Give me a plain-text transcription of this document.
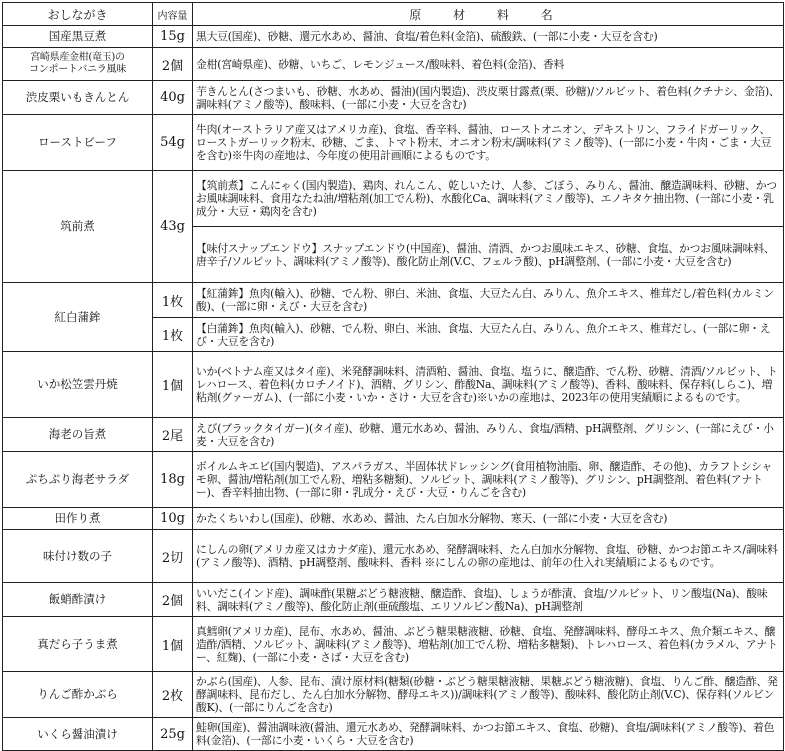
おしながき	内容量	原 材 料 名
国産黒豆煮	15g	黒大豆(国産)、砂糖、還元水あめ、醤油、食塩/着色料(金箔)、硫酸鉄、(一部に小麦・大豆を含む)

宮崎県産金柑(竜玉)の
コンポートバニラ風味	2個	金柑(宮崎県産)、砂糖、いちご、レモンジュース/酸味料、着色料(金箔)、香料
渋皮栗いもきんとん	40g	芋きんとん(さつまいも、砂糖、水あめ、醤油)(国内製造)、渋皮栗甘露煮(栗、砂糖)/ソルビット、着色料(クチナシ、金箔)、調味料(アミノ酸等)、酸味料、(一部に小麦・大豆を含む)
ローストビーフ	54g	牛肉(オーストラリア産又はアメリカ産)、食塩、香辛料、醤油、ローストオニオン、デキストリン、フライドガーリック、ローストガーリック粉末、砂糖、ごま、トマト粉末、オニオン粉末/調味料(アミノ酸等)、(一部に小麦・牛肉・ごま・大豆を含む)※牛肉の産地は、今年度の使用計画順によるものです。
筑前煮	43g	【筑前煮】こんにゃく(国内製造)、鶏肉、れんこん、乾しいたけ、人参、ごぼう、みりん、醤油、醸造調味料、砂糖、かつお風味調味料、食用なたね油/増粘剤(加工でん粉)、水酸化Ca、調味料(アミノ酸等)、エノキタケ抽出物、(一部に小麦・乳成分・大豆・鶏肉を含む)
		【味付スナップエンドウ】スナップエンドウ(中国産)、醤油、清酒、かつお風味エキス、砂糖、食塩、かつお風味調味料、唐辛子/ソルビット、調味料(アミノ酸等)、酸化防止剤(V.C、フェルラ酸)、pH調整剤、(一部に小麦・大豆を含む)
紅白蒲鉾	1枚	【紅蒲鉾】魚肉(輸入)、砂糖、でん粉、卵白、米油、食塩、大豆たん白、みりん、魚介エキス、椎茸だし/着色料(カルミン酸)、(一部に卵・えび・大豆を含む)
	1枚	【白蒲鉾】魚肉(輸入)、砂糖、でん粉、卵白、米油、食塩、大豆たん白、みりん、魚介エキス、椎茸だし、(一部に卵・えび・大豆を含む)
いか松笠雲丹焼	1個	いか(ベトナム産又はタイ産)、米発酵調味料、清酒粕、醤油、食塩、塩うに、醸造酢、でん粉、砂糖、清酒/ソルビット、トレハロース、着色料(カロチノイド)、酒精、グリシン、酢酸Na、調味料(アミノ酸等)、香料、酸味料、保存料(しらこ)、増粘剤(グァーガム)、(一部に小麦・いか・さけ・大豆を含む)※いかの産地は、2023年の使用実績順によるものです。
海老の旨煮	2尾	えび(ブラックタイガー)(タイ産)、砂糖、還元水あめ、醤油、みりん、食塩/酒精、pH調整剤、グリシン、(一部にえび・小麦・大豆を含む)
ぷちぷり海老サラダ	18g	ボイルムキエビ(国内製造)、アスパラガス、半固体状ドレッシング(食用植物油脂、卵、醸造酢、その他)、カラフトシシャモ卵、醤油/増粘剤(加工でん粉、増粘多糖類)、ソルビット、調味料(アミノ酸等)、グリシン、pH調整剤、着色料(アナトー)、香辛料抽出物、(一部に卵・乳成分・えび・大豆・りんごを含む)
田作り煮	10g	かたくちいわし(国産)、砂糖、水あめ、醤油、たん白加水分解物、寒天、(一部に小麦・大豆を含む)
味付け数の子	2切	にしんの卵(アメリカ産又はカナダ産)、還元水あめ、発酵調味料、たん白加水分解物、食塩、砂糖、かつお節エキス/調味料(アミノ酸等)、酒精、pH調整剤、酸味料、香料 ※にしんの卵の産地は、前年の仕入れ実績順によるものです。
飯蛸酢漬け	2個	いいだこ(インド産)、調味酢(果糖ぶどう糖液糖、醸造酢、食塩)、しょうが酢漬、食塩/ソルビット、リン酸塩(Na)、酸味料、調味料(アミノ酸等)、酸化防止剤(亜硫酸塩、エリソルビン酸Na)、pH調整剤
真だら子うま煮	1個	真鱈卵(アメリカ産)、昆布、水あめ、醤油、ぶどう糖果糖液糖、砂糖、食塩、発酵調味料、酵母エキス、魚介類エキス、醸造酢/酒精、ソルビット、調味料(アミノ酸等)、増粘剤(加工でん粉、増粘多糖類)、トレハロース、着色料(カラメル、アナトー、紅麹)、(一部に小麦・さば・大豆を含む)
りんご酢かぶら	2枚	かぶら(国産)、人参、昆布、漬け原材料(糖類(砂糖・ぶどう糖果糖液糖、果糖ぶどう糖液糖)、食塩、りんご酢、醸造酢、発酵調味料、昆布だし、たん白加水分解物、酵母エキス))/調味料(アミノ酸等)、酸味料、酸化防止剤(V.C)、保存料(ソルビン酸K)、(一部にりんごを含む)
いくら醤油漬け	25g	鮭卵(国産)、醤油調味液(醤油、還元水あめ、発酵調味料、かつお節エキス、食塩、砂糖)、食塩/調味料(アミノ酸等)、着色料(金箔)、(一部に小麦・いくら・大豆を含む)
